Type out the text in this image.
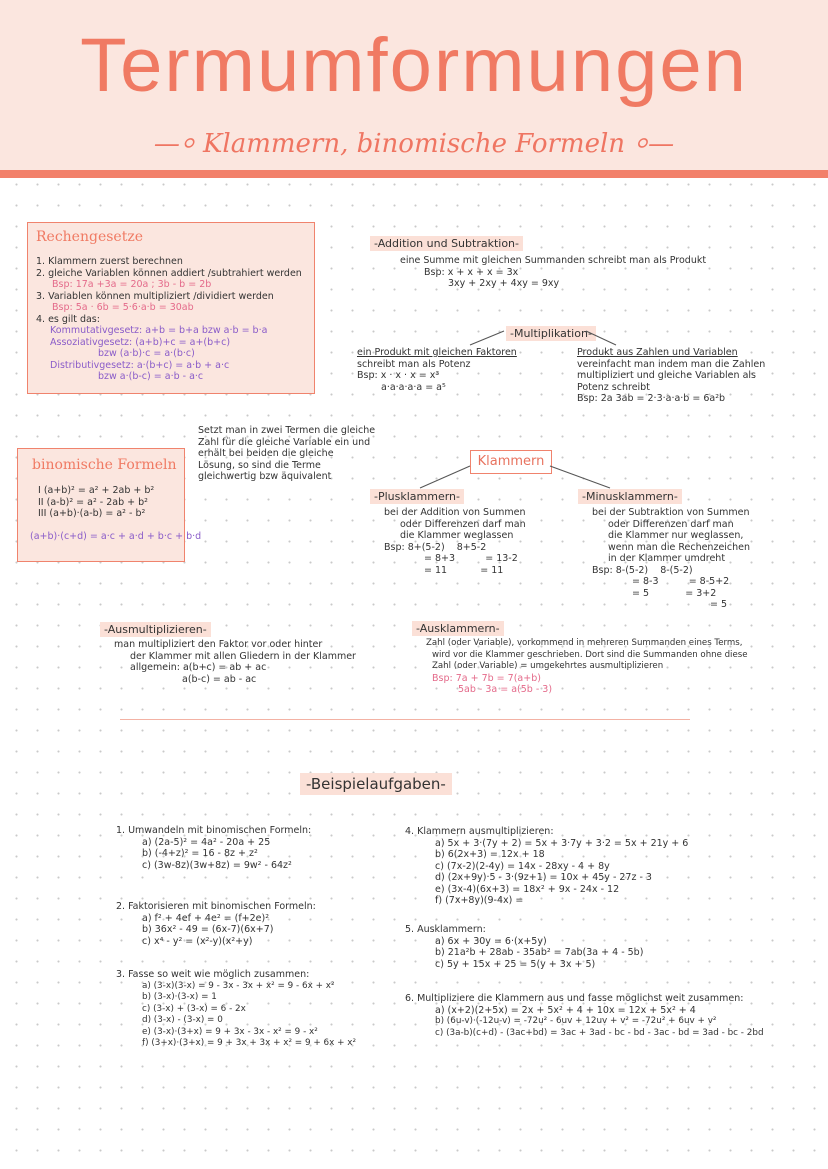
Termumformungen
—⸰ Klammern, binomische Formeln ⸰—
Rechengesetze

1. Klammern zuerst berechnen

2. gleiche Variablen können addiert /subtrahiert werden

Bsp: 17a +3a = 20a ; 3b - b = 2b

3. Variablen können multipliziert /dividiert werden

Bsp: 5a · 6b = 5·6·a·b = 30ab

4. es gilt das:

Kommutativgesetz: a+b = b+a bzw a·b = b·a

Assoziativgesetz: (a+b)+c = a+(b+c)

bzw (a·b)·c = a·(b·c)

Distributivgesetz: a·(b+c) = a·b + a·c

bzw a·(b-c) = a·b - a·c

-Addition und Subtraktion-

eine Summe mit gleichen Summanden schreibt man als Produkt

Bsp: x + x + x = 3x

3xy + 2xy + 4xy = 9xy

-Multiplikation-

ein Produkt mit gleichen Faktoren

schreibt man als Potenz

Bsp: x · x · x = x³

a·a·a·a·a = a⁵

Produkt aus Zahlen und Variablen

vereinfacht man indem man die Zahlen

multipliziert und gleiche Variablen als

Potenz schreibt

Bsp: 2a 3ab = 2·3·a·a·b = 6a²b

Setzt man in zwei Termen die gleiche

Zahl für die gleiche Variable ein und

erhält bei beiden die gleiche

Lösung, so sind die Terme

gleichwertig bzw äquivalent

binomische Formeln

I (a+b)² = a² + 2ab + b²

II (a-b)² = a² - 2ab + b²

III (a+b)·(a-b) = a² - b²

(a+b)·(c+d) = a·c + a·d + b·c + b·d
Klammern
-Plusklammern-

bei der Addition von Summen

oder Differenzen darf man

die Klammer weglassen

Bsp: 8+(5-2)    8+5-2

= 8+3          = 13-2

= 11           = 11

-Minusklammern-

bei der Subtraktion von Summen

oder Differenzen darf man

die Klammer nur weglassen,

wenn man die Rechenzeichen

in der Klammer umdreht

Bsp: 8-(5-2)    8-(5-2)

= 8-3          = 8-5+2

= 5            = 3+2

= 5

-Ausmultiplizieren-

man multipliziert den Faktor vor oder hinter

der Klammer mit allen Gliedern in der Klammer

allgemein: a(b+c) = ab + ac

a(b-c) = ab - ac

-Ausklammern-

Zahl (oder Variable), vorkommend in mehreren Summanden eines Terms,

wird vor die Klammer geschrieben. Dort sind die Summanden ohne diese

Zahl (oder Variable) = umgekehrtes ausmultiplizieren

Bsp: 7a + 7b = 7(a+b)

5ab - 3a = a(5b - 3)

-Beispielaufgaben-

1. Umwandeln mit binomischen Formeln:

a) (2a-5)² = 4a² - 20a + 25

b) (-4+z)² = 16 - 8z + z²

c) (3w-8z)(3w+8z) = 9w² - 64z²

2. Faktorisieren mit binomischen Formeln:

a) f² + 4ef + 4e² = (f+2e)²

b) 36x² - 49 = (6x-7)(6x+7)

c) x⁴ - y² = (x²-y)(x²+y)

3. Fasse so weit wie möglich zusammen:

a) (3-x)(3-x) = 9 - 3x - 3x + x² = 9 - 6x + x²

b) (3-x)·(3-x) = 1

c) (3-x) + (3-x) = 6 - 2x

d) (3-x) - (3-x) = 0

e) (3-x)·(3+x) = 9 + 3x - 3x - x² = 9 - x²

f) (3+x)·(3+x) = 9 + 3x + 3x + x² = 9 + 6x + x²

4. Klammern ausmultiplizieren:

a) 5x + 3·(7y + 2) = 5x + 3·7y + 3·2 = 5x + 21y + 6

b) 6(2x+3) = 12x + 18

c) (7x-2)(2-4y) = 14x - 28xy - 4 + 8y

d) (2x+9y)·5 - 3·(9z+1) = 10x + 45y - 27z - 3

e) (3x-4)(6x+3) = 18x² + 9x - 24x - 12

f) (7x+8y)(9-4x) =

5. Ausklammern:

a) 6x + 30y = 6·(x+5y)

b) 21a²b + 28ab - 35ab² = 7ab(3a + 4 - 5b)

c) 5y + 15x + 25 = 5(y + 3x + 5)

6. Multipliziere die Klammern aus und fasse möglichst weit zusammen:

a) (x+2)(2+5x) = 2x + 5x² + 4 + 10x = 12x + 5x² + 4

b) (6u-v)·(-12u-v) = -72u² - 6uv + 12uv + v² = -72u² + 6uv + v²

c) (3a-b)(c+d) - (3ac+bd) = 3ac + 3ad - bc - bd - 3ac - bd = 3ad - bc - 2bd
